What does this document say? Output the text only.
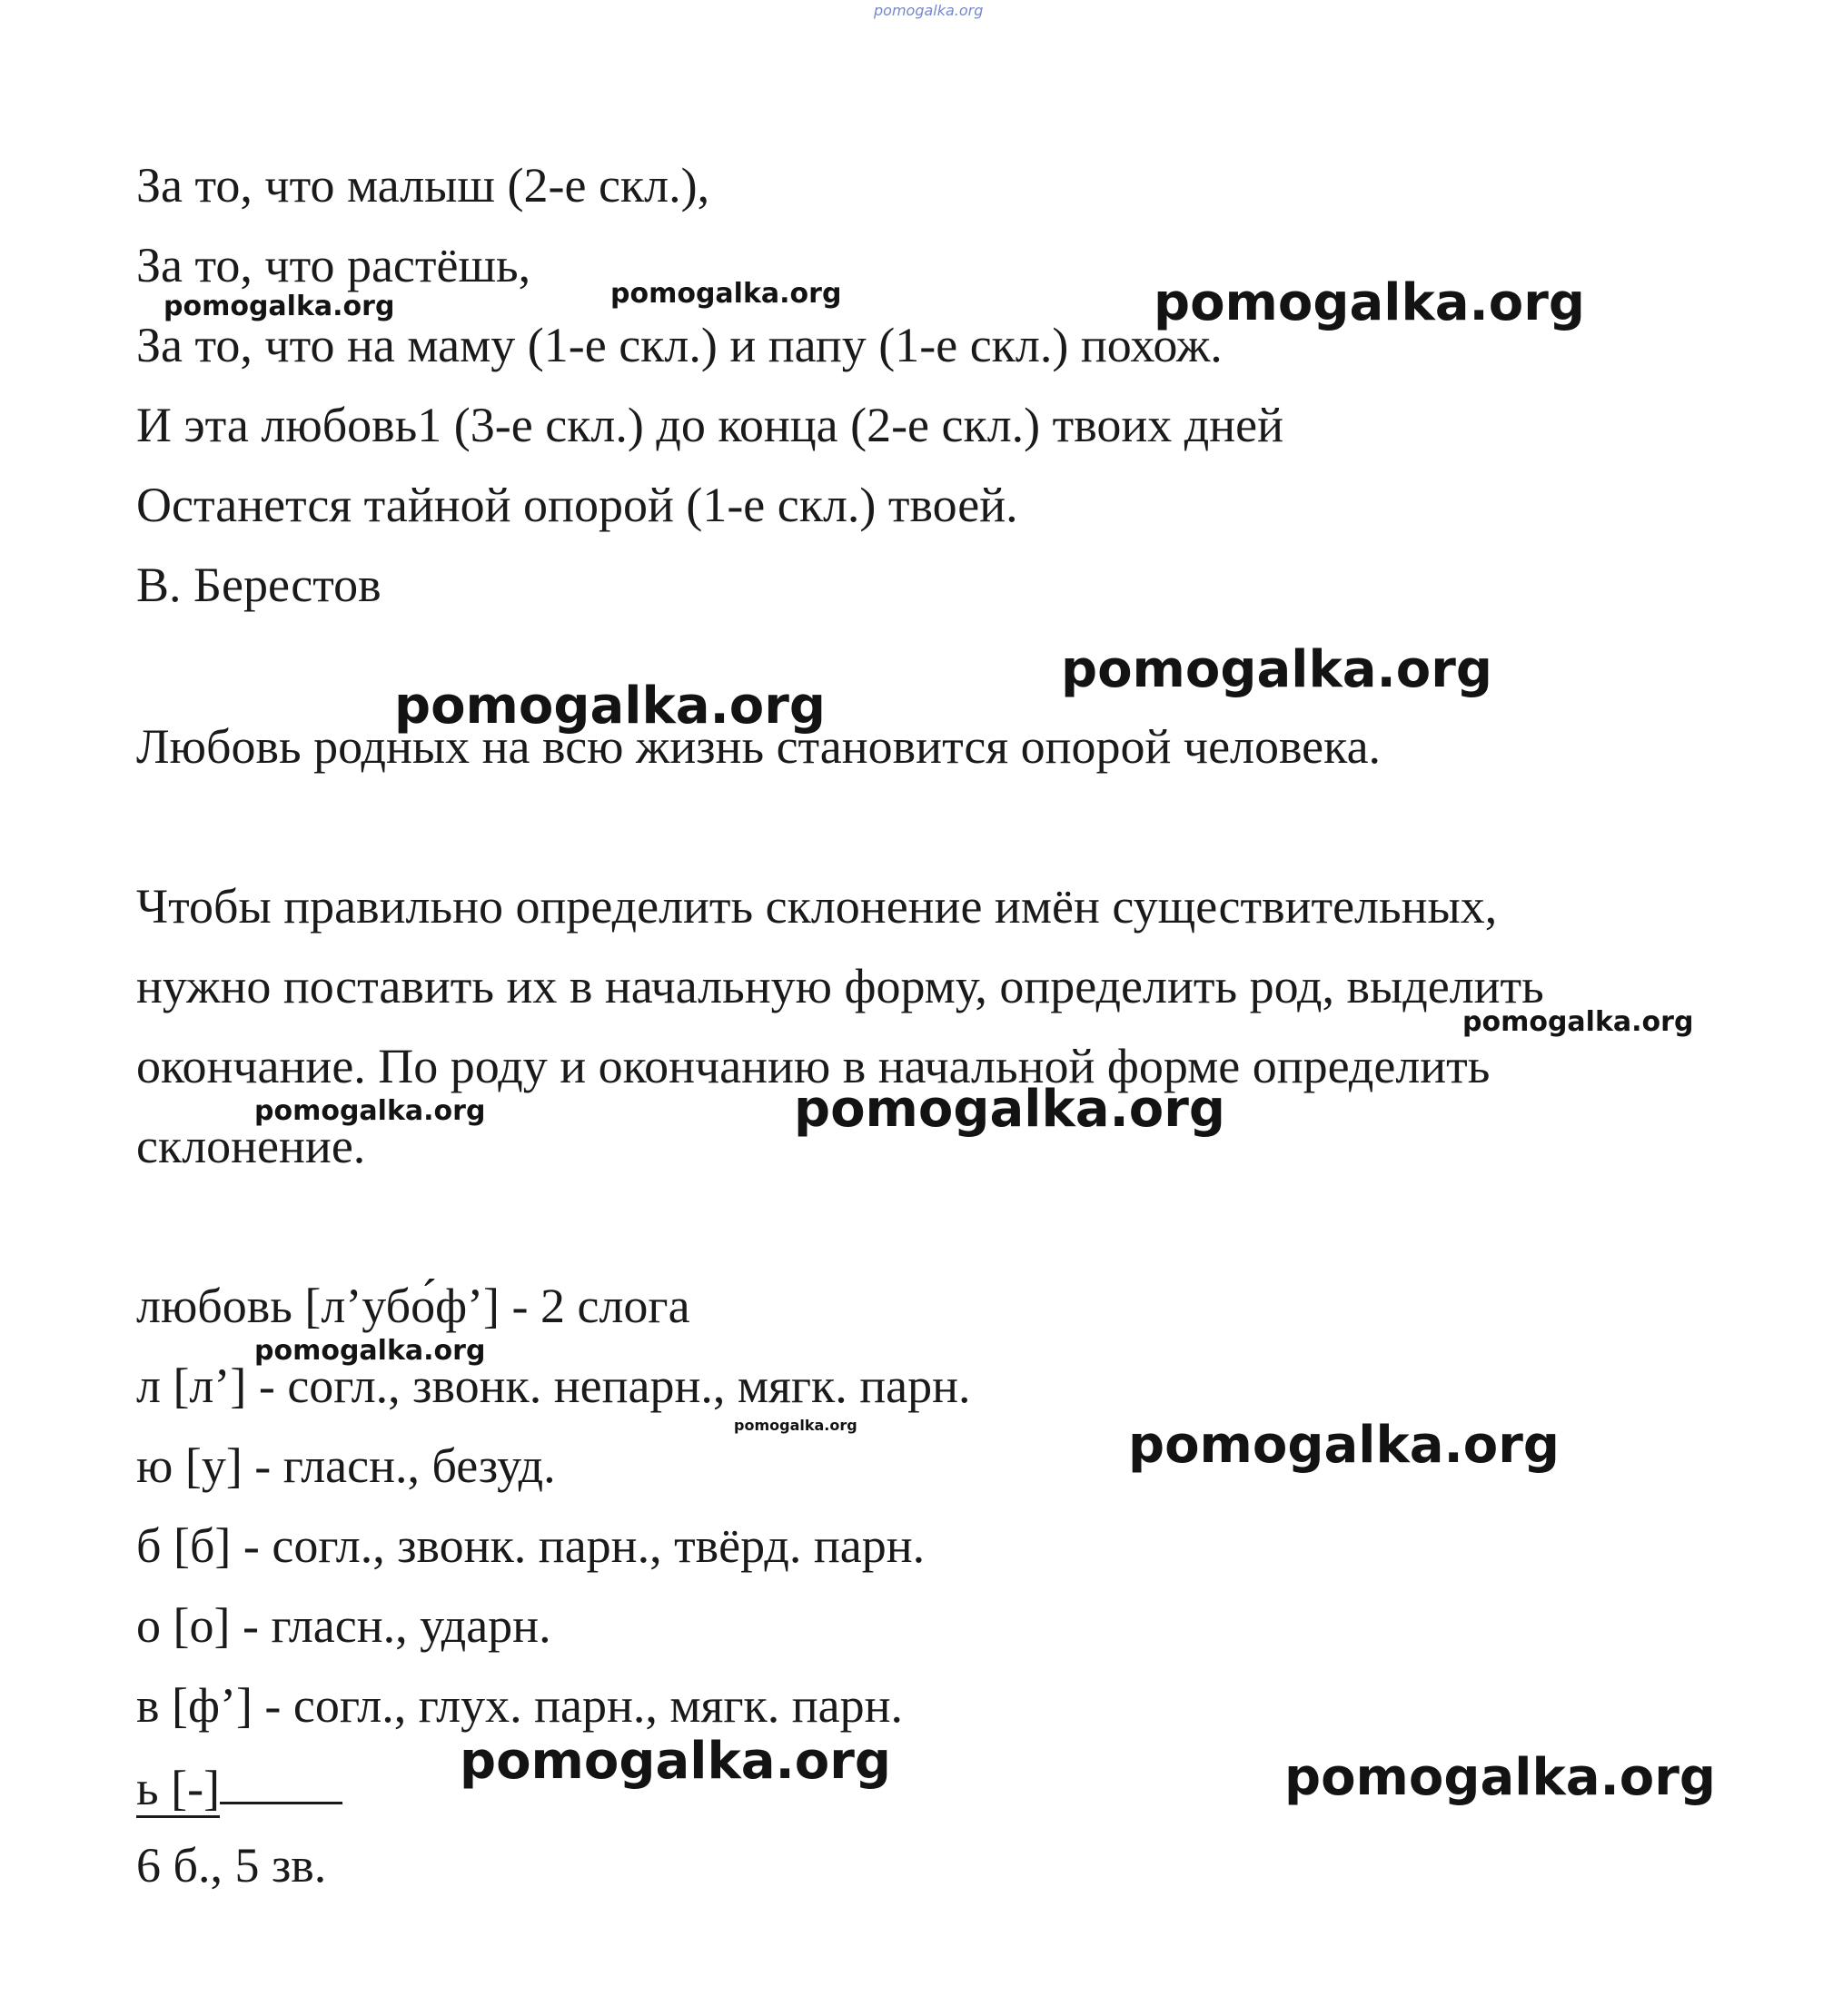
pomogalka.org
За то, что малыш (2-е скл.),
За то, что растёшь,
За то, что на маму (1-е скл.) и папу (1-е скл.) похож.
И эта любовь1 (3-е скл.) до конца (2-е скл.) твоих дней
Останется тайной опорой (1-е скл.) твоей.
В. Берестов
Любовь родных на всю жизнь становится опорой человека.
Чтобы правильно определить склонение имён существительных,
нужно поставить их в начальную форму, определить род, выделить
окончание. По роду и окончанию в начальной форме определить
склонение.
любовь [л’убо́ф’] - 2 слога
л [л’] - согл., звонк. непарн., мягк. парн.
ю [у] - гласн., безуд.
б [б] - согл., звонк. парн., твёрд. парн.
о [о] - гласн., ударн.
в [ф’] - согл., глух. парн., мягк. парн.
ь [-]
6 б., 5 зв.
pomogalka.org	pomogalka.org	pomogalka.org
pomogalka.org
pomogalka.org
pomogalka.org
pomogalka.org	pomogalka.org
pomogalka.org
pomogalka.org	pomogalka.org
pomogalka.org	pomogalka.org
